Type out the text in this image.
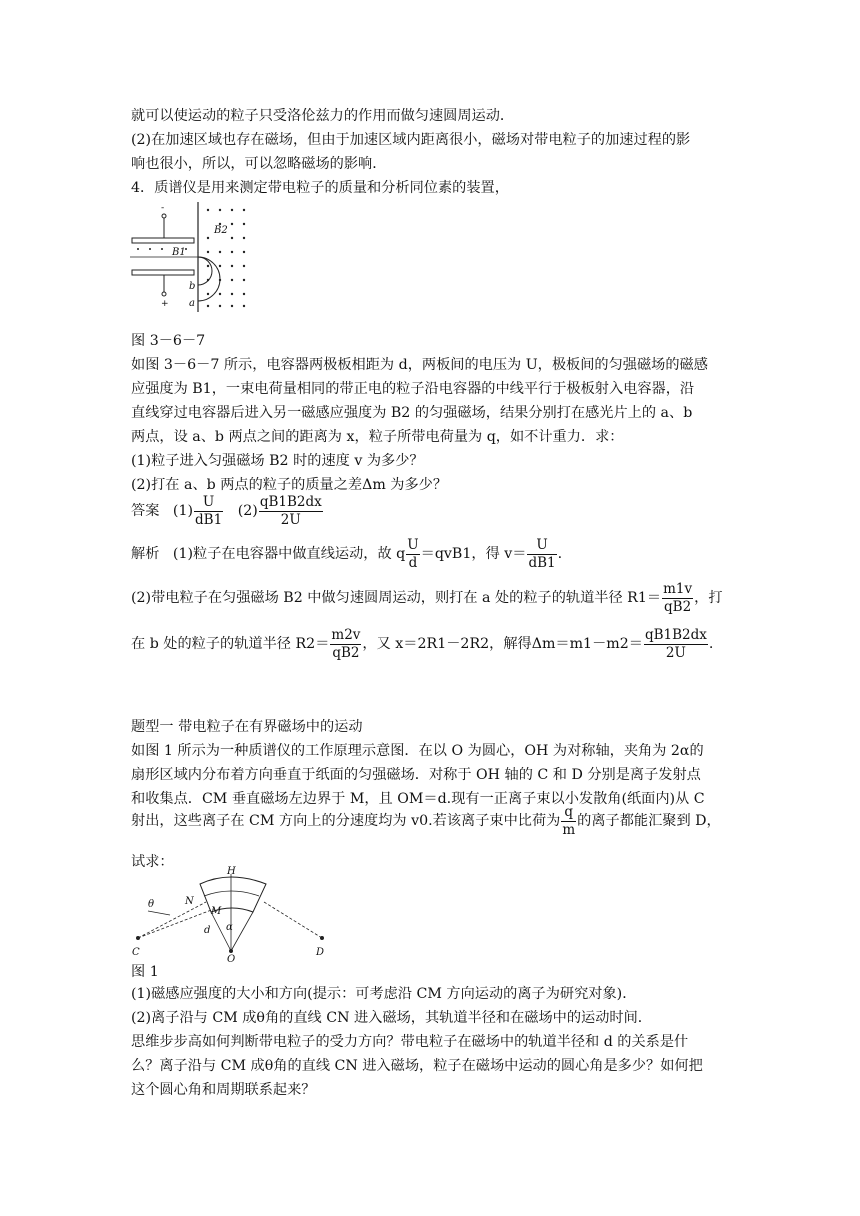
就可以使运动的粒子只受洛伦兹力的作用而做匀速圆周运动．
(2)在加速区域也存在磁场，但由于加速区域内距离很小，磁场对带电粒子的加速过程的影
响也很小，所以，可以忽略磁场的影响．
4．质谱仪是用来测定带电粒子的质量和分析同位素的装置，
B1
B2
b
a
-
+
图 3－6－7
如图 3－6－7 所示，电容器两极板相距为 d，两板间的电压为 U，极板间的匀强磁场的磁感
应强度为 B1，一束电荷量相同的带正电的粒子沿电容器的中线平行于极板射入电容器，沿
直线穿过电容器后进入另一磁感应强度为 B2 的匀强磁场，结果分别打在感光片上的 a、b
两点，设 a、b 两点之间的距离为 x，粒子所带电荷量为 q，如不计重力．求：
(1)粒子进入匀强磁场 B2 时的速度 v 为多少？
(2)打在 a、b 两点的粒子的质量之差Δm 为多少？
答案 $(1) \frac{U}{dB1} (2) \frac{qB1B2dx}{2U}$
解析 (1)粒子在电容器中做直线运动，故 q $\frac{U}{d} =qvB1$，得 $v= \frac{U}{dB1}$ .
(2)带电粒子在匀强磁场 B2 中做匀速圆周运动，则打在 a 处的粒子的轨道半径 $R1= \frac{m1v}{qB2}$ ，打
在 b 处的粒子的轨道半径 $R2= \frac{m2v}{qB2}$ ，又 x＝2R1－2R2，解得$\Delta m=m1-m2= \frac{qB1B2dx}{2U}$ .
题型一 带电粒子在有界磁场中的运动
如图 1 所示为一种质谱仪的工作原理示意图．在以 O 为圆心，OH 为对称轴，夹角为 2α的
扇形区域内分布着方向垂直于纸面的匀强磁场．对称于 OH 轴的 C 和 D 分别是离子发射点
和收集点．CM 垂直磁场左边界于 M，且 OM＝d.现有一正离子束以小发散角(纸面内)从 C
射出，这些离子在 CM 方向上的分速度均为 v0.若该离子束中比荷为 $\frac{q}{m}$ 的离子都能汇聚到 D，
试求：
H
N
M
θ
d α
C
O
D
图 1
(1)磁感应强度的大小和方向(提示：可考虑沿 CM 方向运动的离子为研究对象)．
(2)离子沿与 CM 成θ角的直线 CN 进入磁场，其轨道半径和在磁场中的运动时间．
思维步步高如何判断带电粒子的受力方向？带电粒子在磁场中的轨道半径和 d 的关系是什
么？离子沿与 CM 成θ角的直线 CN 进入磁场，粒子在磁场中运动的圆心角是多少？如何把
这个圆心角和周期联系起来？
